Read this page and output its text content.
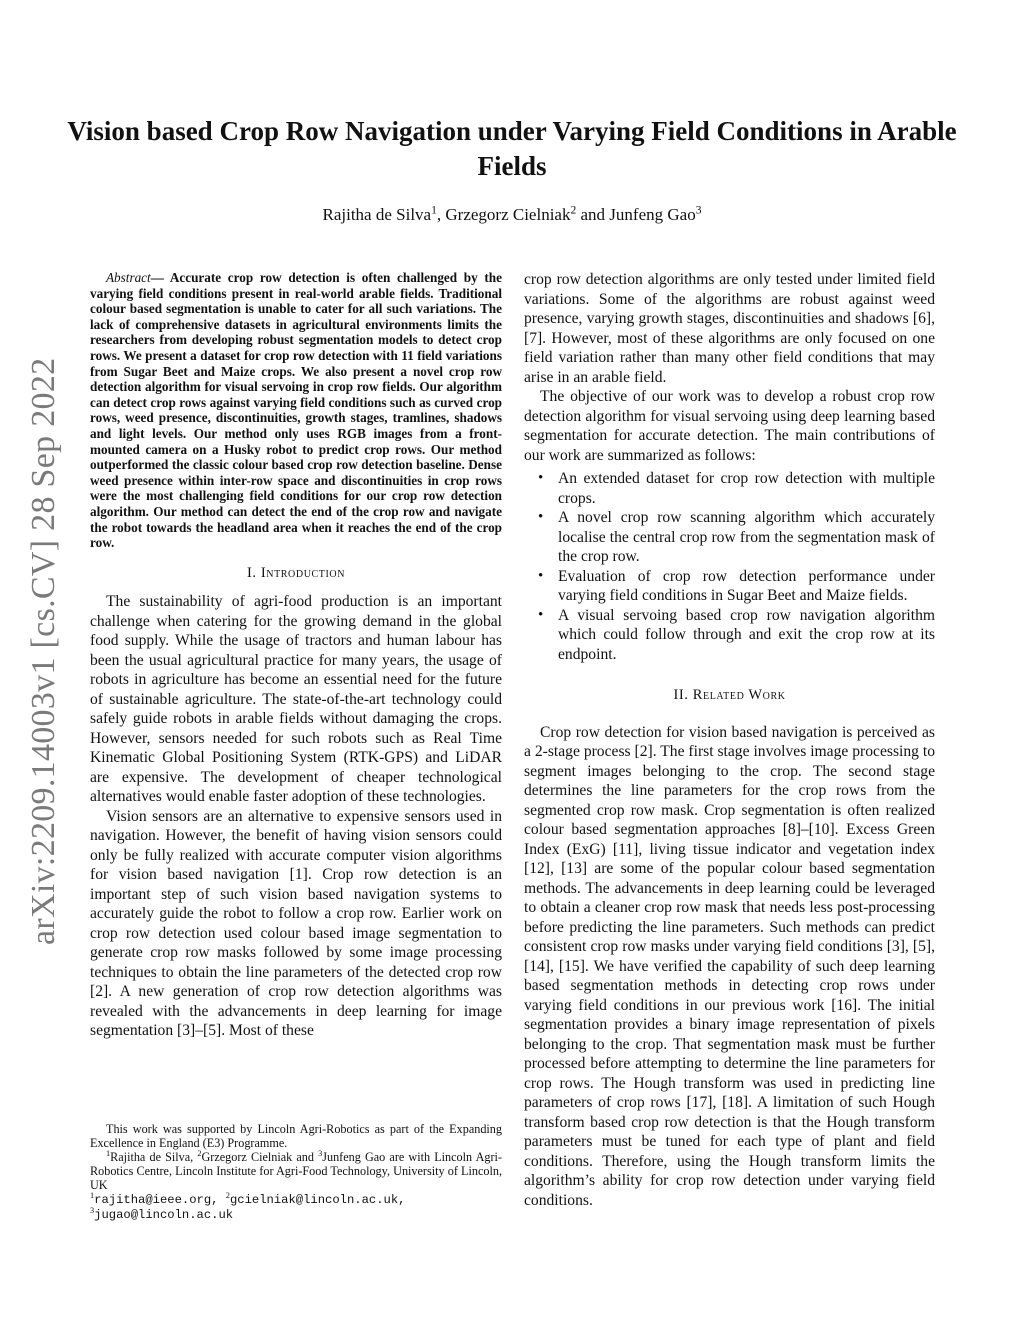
arXiv:2209.14003v1 [cs.CV] 28 Sep 2022
Vision based Crop Row Navigation under Varying Field Conditions in Arable Fields
Rajitha de Silva$^1$, Grzegorz Cielniak$^2$ and Junfeng Gao$^3$

Abstract— Accurate crop row detection is often challenged by the varying field conditions present in real-world arable fields. Traditional colour based segmentation is unable to cater for all such variations. The lack of comprehensive datasets in agricultural environments limits the researchers from developing robust segmentation models to detect crop rows. We present a dataset for crop row detection with 11 field variations from Sugar Beet and Maize crops. We also present a novel crop row detection algorithm for visual servoing in crop row fields. Our algorithm can detect crop rows against varying field conditions such as curved crop rows, weed presence, discontinuities, growth stages, tramlines, shadows and light levels. Our method only uses RGB images from a front-mounted camera on a Husky robot to predict crop rows. Our method outperformed the classic colour based crop row detection baseline. Dense weed presence within inter-row space and discontinuities in crop rows were the most challenging field conditions for our crop row detection algorithm. Our method can detect the end of the crop row and navigate the robot towards the headland area when it reaches the end of the crop row.

I. Introduction

The sustainability of agri-food production is an important challenge when catering for the growing demand in the global food supply. While the usage of tractors and human labour has been the usual agricultural practice for many years, the usage of robots in agriculture has become an essential need for the future of sustainable agriculture. The state-of-the-art technology could safely guide robots in arable fields without damaging the crops. However, sensors needed for such robots such as Real Time Kinematic Global Positioning System (RTK-GPS) and LiDAR are expensive. The development of cheaper technological alternatives would enable faster adoption of these technologies.

Vision sensors are an alternative to expensive sensors used in navigation. However, the benefit of having vision sensors could only be fully realized with accurate computer vision algorithms for vision based navigation [1]. Crop row detection is an important step of such vision based navigation systems to accurately guide the robot to follow a crop row. Earlier work on crop row detection used colour based image segmentation to generate crop row masks followed by some image processing techniques to obtain the line parameters of the detected crop row [2]. A new generation of crop row detection algorithms was revealed with the advancements in deep learning for image segmentation [3]–[5]. Most of these

This work was supported by Lincoln Agri-Robotics as part of the Expanding Excellence in England (E3) Programme.

$^1$Rajitha de Silva, $^2$Grzegorz Cielniak and $^3$Junfeng Gao are with Lincoln Agri-Robotics Centre, Lincoln Institute for Agri-Food Technology, University of Lincoln, UK

$^1$rajitha@ieee.org, $^2$gcielniak@lincoln.ac.uk,
$^3$jugao@lincoln.ac.uk

crop row detection algorithms are only tested under limited field variations. Some of the algorithms are robust against weed presence, varying growth stages, discontinuities and shadows [6], [7]. However, most of these algorithms are only focused on one field variation rather than many other field conditions that may arise in an arable field.

The objective of our work was to develop a robust crop row detection algorithm for visual servoing using deep learning based segmentation for accurate detection. The main contributions of our work are summarized as follows:

• An extended dataset for crop row detection with multiple crops.
• A novel crop row scanning algorithm which accurately localise the central crop row from the segmentation mask of the crop row.
• Evaluation of crop row detection performance under varying field conditions in Sugar Beet and Maize fields.
• A visual servoing based crop row navigation algorithm which could follow through and exit the crop row at its endpoint.
II. Related Work

Crop row detection for vision based navigation is perceived as a 2-stage process [2]. The first stage involves image processing to segment images belonging to the crop. The second stage determines the line parameters for the crop rows from the segmented crop row mask. Crop segmentation is often realized colour based segmentation approaches [8]–[10]. Excess Green Index (ExG) [11], living tissue indicator and vegetation index [12], [13] are some of the popular colour based segmentation methods. The advancements in deep learning could be leveraged to obtain a cleaner crop row mask that needs less post-processing before predicting the line parameters. Such methods can predict consistent crop row masks under varying field conditions [3], [5], [14], [15]. We have verified the capability of such deep learning based segmentation methods in detecting crop rows under varying field conditions in our previous work [16]. The initial segmentation provides a binary image representation of pixels belonging to the crop. That segmentation mask must be further processed before attempting to determine the line parameters for crop rows. The Hough transform was used in predicting line parameters of crop rows [17], [18]. A limitation of such Hough transform based crop row detection is that the Hough transform parameters must be tuned for each type of plant and field conditions. Therefore, using the Hough transform limits the algorithm’s ability for crop row detection under varying field conditions.
